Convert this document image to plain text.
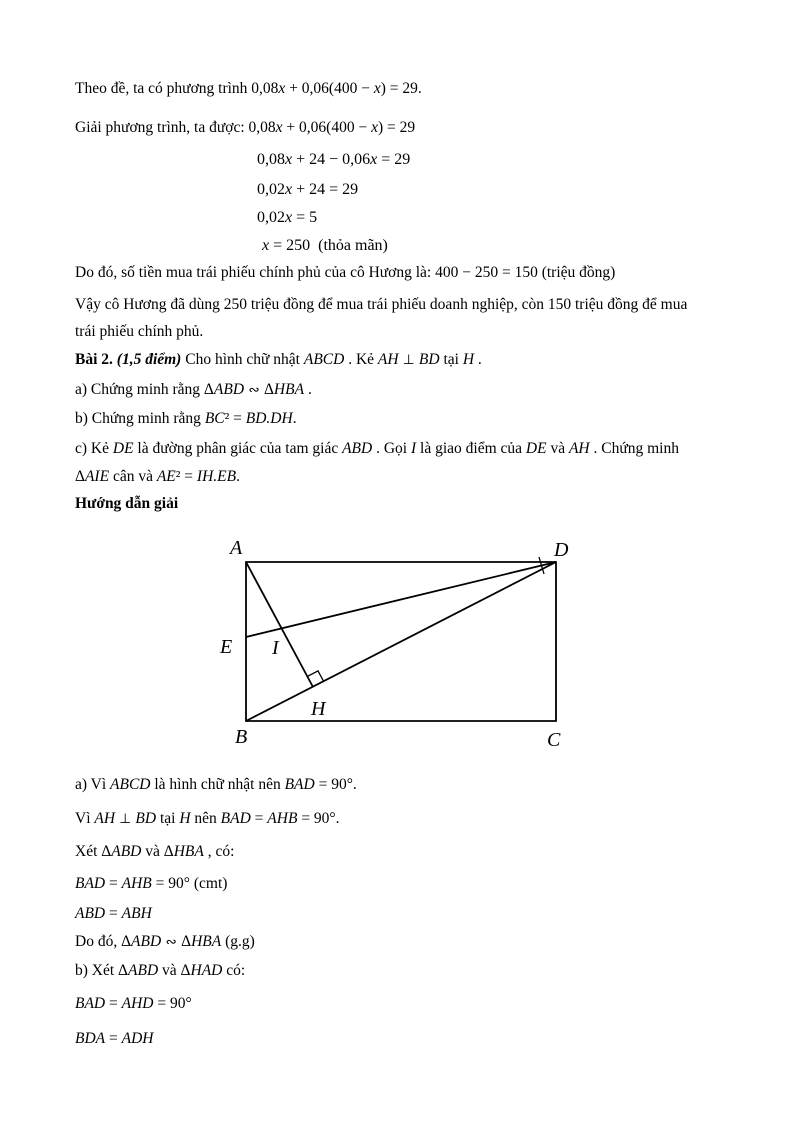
Theo đề, ta có phương trình 0,08x + 0,06(400 − x) = 29.

Giải phương trình, ta được: 0,08x + 0,06(400 − x) = 29

0,08x + 24 − 0,06x = 29

0,02x + 24 = 29

0,02x = 5

x = 250  (thỏa mãn)

Do đó, số tiền mua trái phiếu chính phủ của cô Hương là: 400 − 250 = 150 (triệu đồng)

Vậy cô Hương đã dùng 250 triệu đồng để mua trái phiếu doanh nghiệp, còn 150 triệu đồng để mua

trái phiếu chính phủ.

Bài 2. (1,5 điểm) Cho hình chữ nhật ABCD . Kẻ AH ⊥ BD tại H .

a) Chứng minh rằng ΔABD ∾ ΔHBA .

b) Chứng minh rằng BC² = BD.DH.

c) Kẻ DE là đường phân giác của tam giác ABD . Gọi I là giao điểm của DE và AH . Chứng minh

ΔAIE cân và AE² = IH.EB.

Hướng dẫn giải

a) Vì ABCD là hình chữ nhật nên BAD = 90°.

Vì AH ⊥ BD tại H nên BAD = AHB = 90°.

Xét ΔABD và ΔHBA , có:

BAD = AHB = 90° (cmt)

ABD = ABH

Do đó, ΔABD ∾ ΔHBA (g.g)

b) Xét ΔABD và ΔHAD có:

BAD = AHD = 90°

BDA = ADH

A	D
B	C
E I
H
